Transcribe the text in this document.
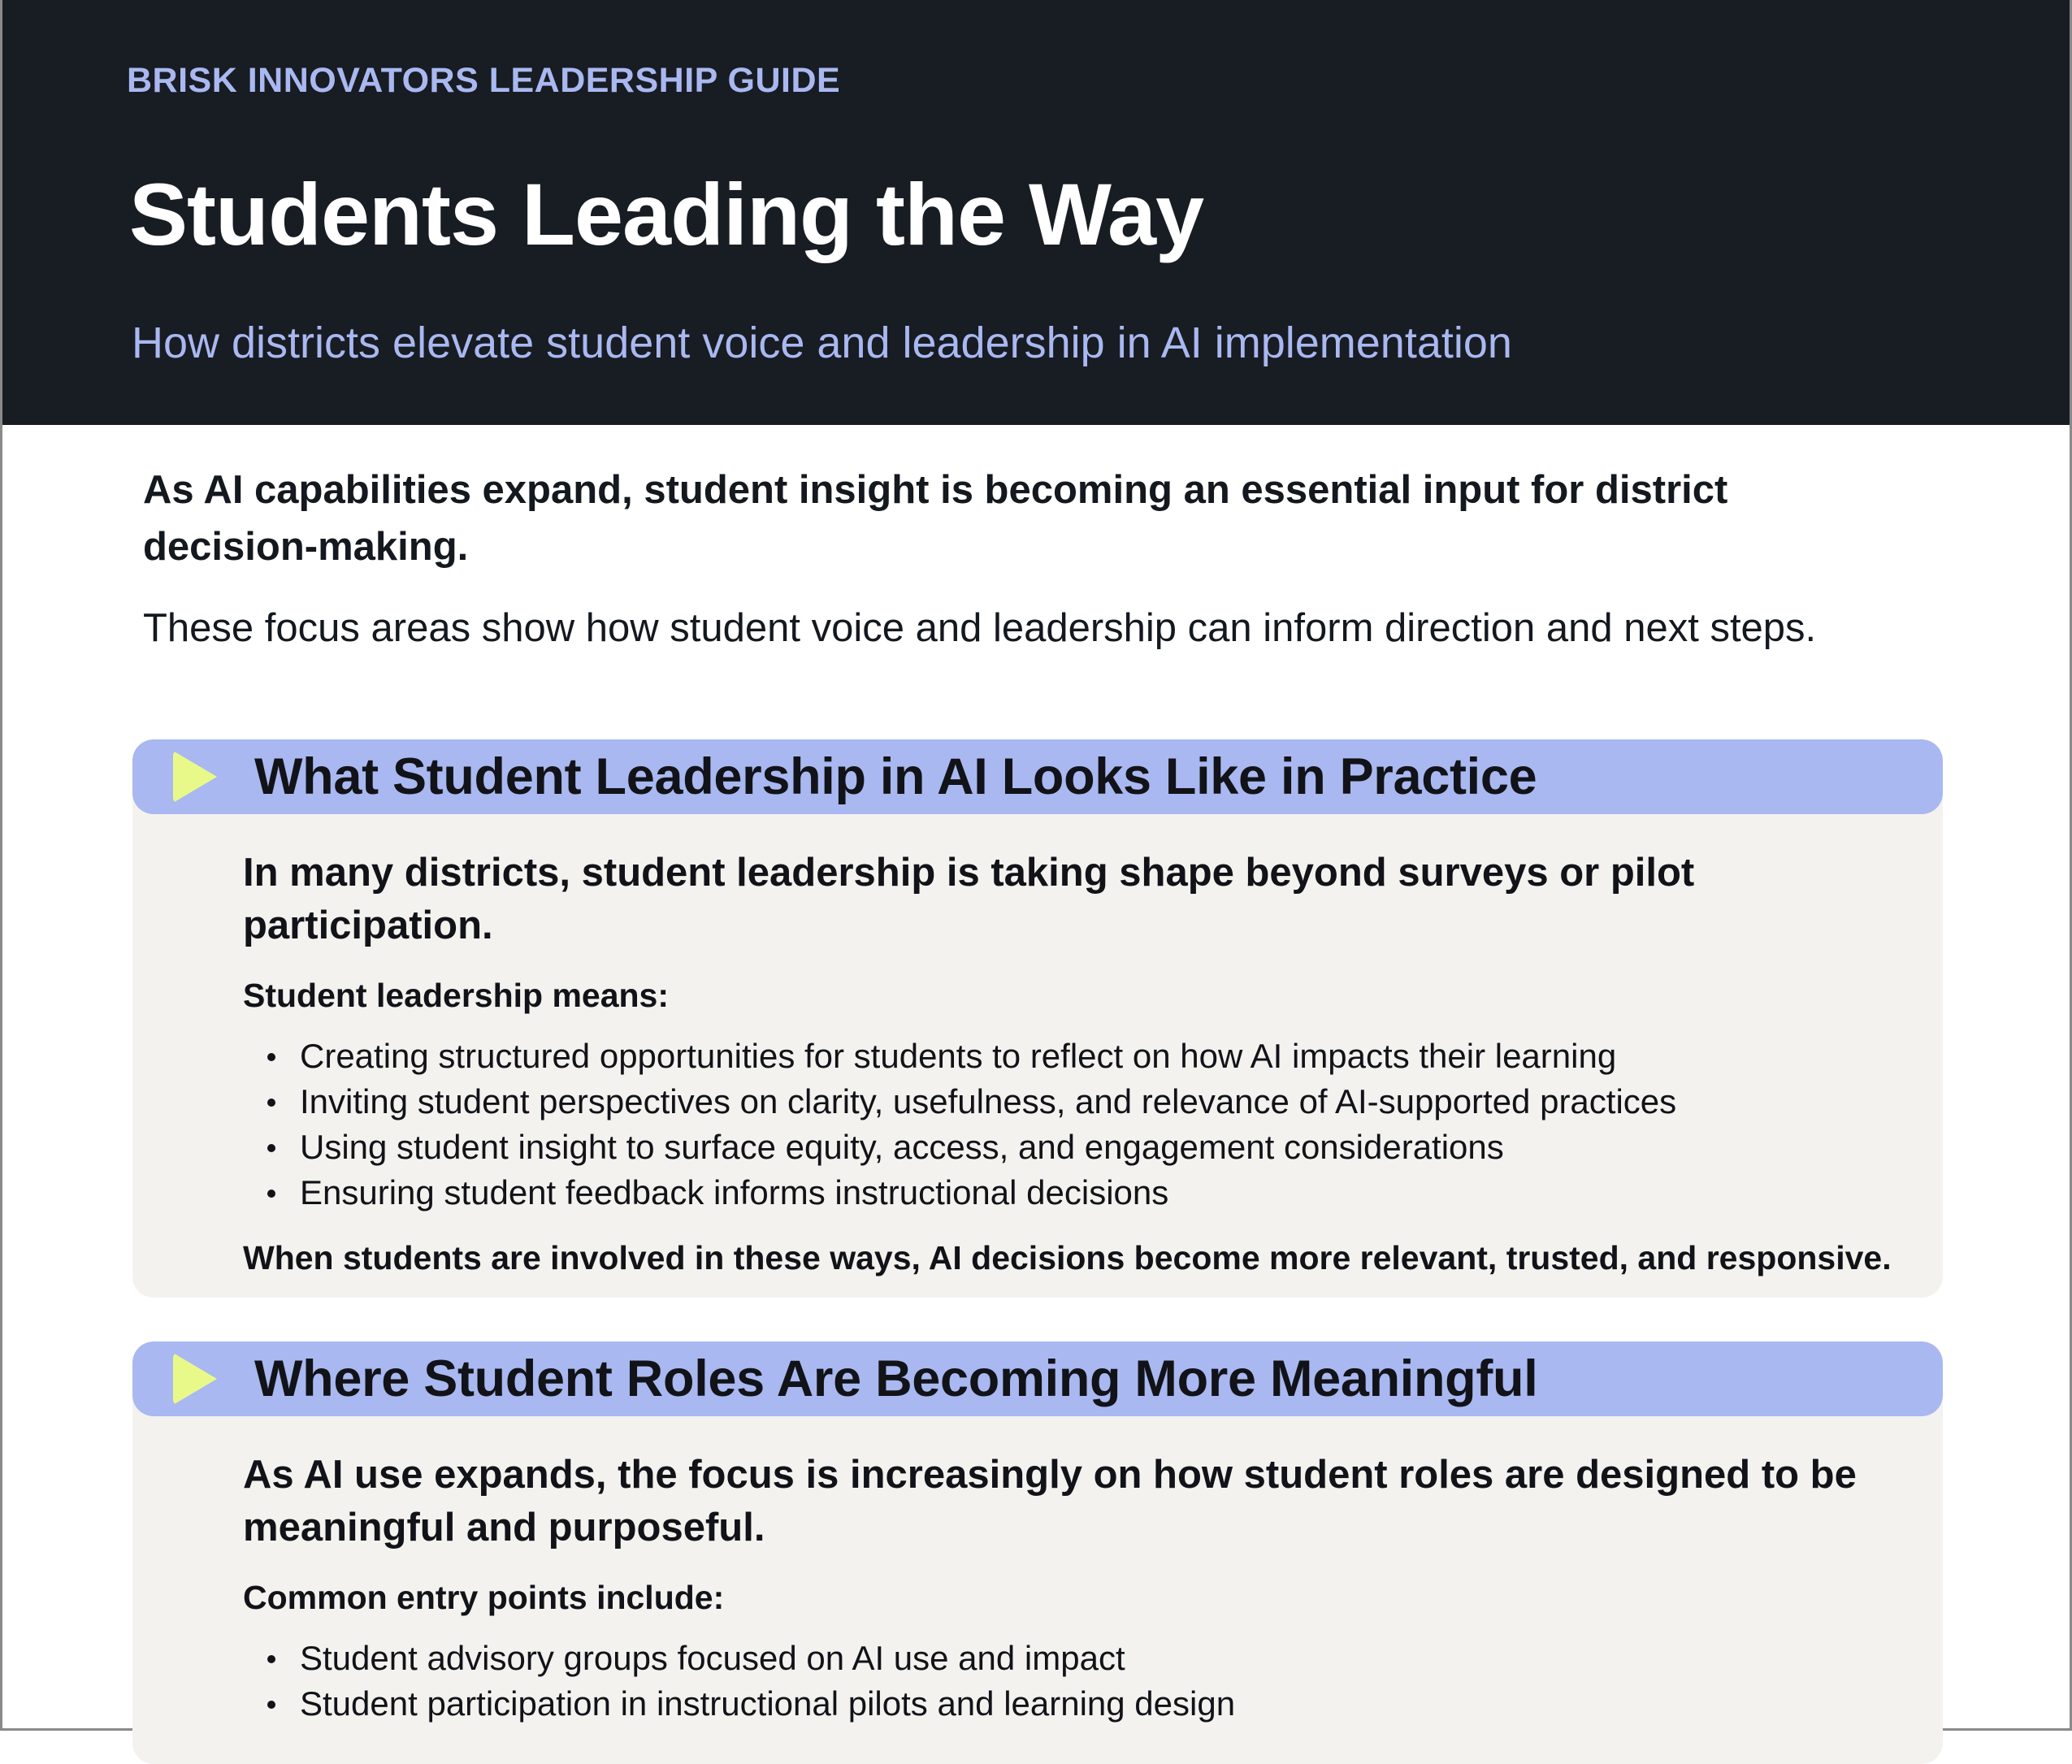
BRISK INNOVATORS LEADERSHIP GUIDE
Students Leading the Way
How districts elevate student voice and leadership in AI implementation

As AI capabilities expand, student insight is becoming an essential input for district decision-making.

These focus areas show how student voice and leadership can inform direction and next steps.

What Student Leadership in AI Looks Like in Practice

In many districts, student leadership is taking shape beyond surveys or pilot participation.

Student leadership means:

Creating structured opportunities for students to reflect on how AI impacts their learning
Inviting student perspectives on clarity, usefulness, and relevance of AI-supported practices
Using student insight to surface equity, access, and engagement considerations
Ensuring student feedback informs instructional decisions

When students are involved in these ways, AI decisions become more relevant, trusted, and responsive.

Where Student Roles Are Becoming More Meaningful

As AI use expands, the focus is increasingly on how student roles are designed to be meaningful and purposeful.

Common entry points include:

Student advisory groups focused on AI use and impact
Student participation in instructional pilots and learning design
